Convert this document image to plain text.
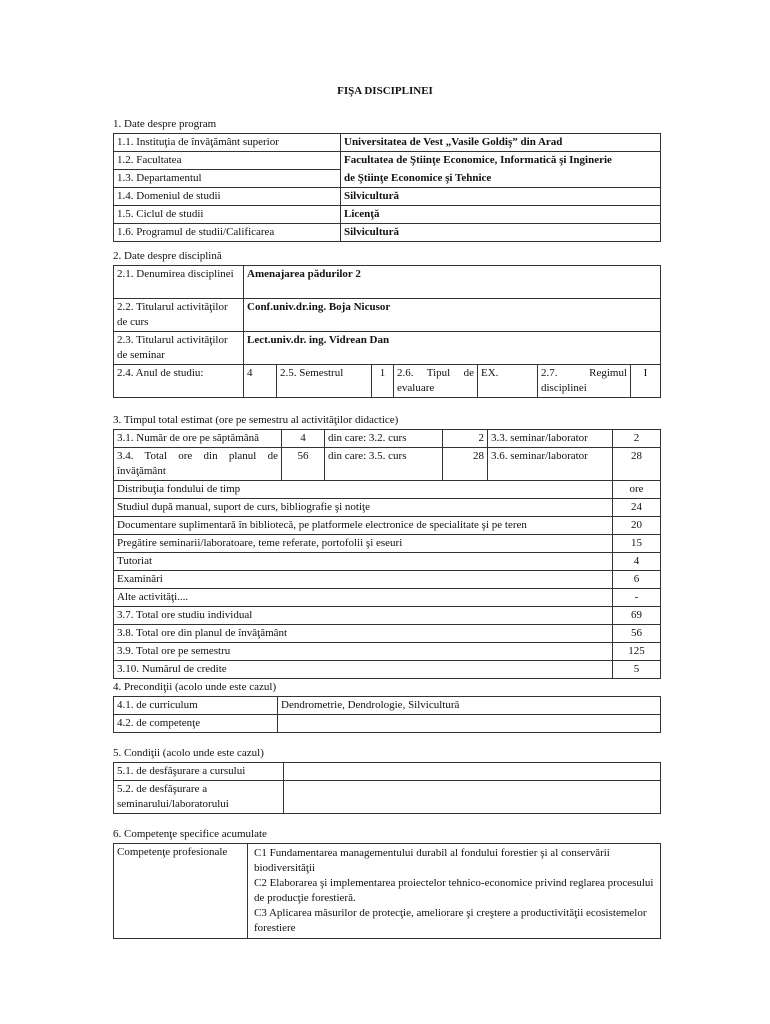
FIŞA DISCIPLINEI
1. Date despre program
1.1. Instituţia de învăţământ superior	Universitatea de Vest „Vasile Goldiş” din Arad
1.2. Facultatea	Facultatea de Ştiinţe Economice, Informatică şi Inginerie
1.3. Departamentul	de Ştiinţe Economice şi Tehnice
1.4. Domeniul de studii	Silvicultură
1.5. Ciclul de studii	Licenţă
1.6. Programul de studii/Calificarea	Silvicultură
2. Date despre disciplină
2.1. Denumirea disciplinei	Amenajarea pădurilor 2						
2.2. Titularul activităţilor de curs	Conf.univ.dr.ing. Boja Nicusor						
2.3. Titularul activităţilor de seminar	Lect.univ.dr. ing. Vidrean Dan						
2.4. Anul de studiu:	4	2.5. Semestrul	1	2.6. Tipul de evaluare	EX.	2.7. Regimul disciplinei	I
3. Timpul total estimat (ore pe semestru al activităţilor didactice)
3.1. Număr de ore pe săptămână	4	din care: 3.2. curs	2	3.3. seminar/laborator	2
3.4. Total ore din planul de învăţământ	56	din care: 3.5. curs	28	3.6. seminar/laborator	28
Distribuţia fondului de timp					ore
Studiul după manual, suport de curs, bibliografie şi notiţe					24
Documentare suplimentară în bibliotecă, pe platformele electronice de specialitate şi pe teren					20
Pregătire seminarii/laboratoare, teme referate, portofolii şi eseuri					15
Tutoriat					4
Examinări					6
Alte activităţi....					-
3.7. Total ore studiu individual					69
3.8. Total ore din planul de învăţământ					56
3.9. Total ore pe semestru					125
3.10. Numărul de credite					5
4. Precondiţii (acolo unde este cazul)
4.1. de curriculum	Dendrometrie, Dendrologie, Silvicultură
4.2. de competenţe	
5. Condiţii (acolo unde este cazul)
5.1. de desfăşurare a cursului	
5.2. de desfăşurare a seminarului/laboratorului	
6. Competenţe specifice acumulate
Competenţe profesionale	C1 Fundamentarea managementului durabil al fondului forestier şi al conservării biodiversităţii
C2 Elaborarea şi implementarea proiectelor tehnico-economice privind reglarea procesului de producţie forestieră.
C3 Aplicarea măsurilor de protecţie, ameliorare şi creştere a productivităţii ecosistemelor forestiere
